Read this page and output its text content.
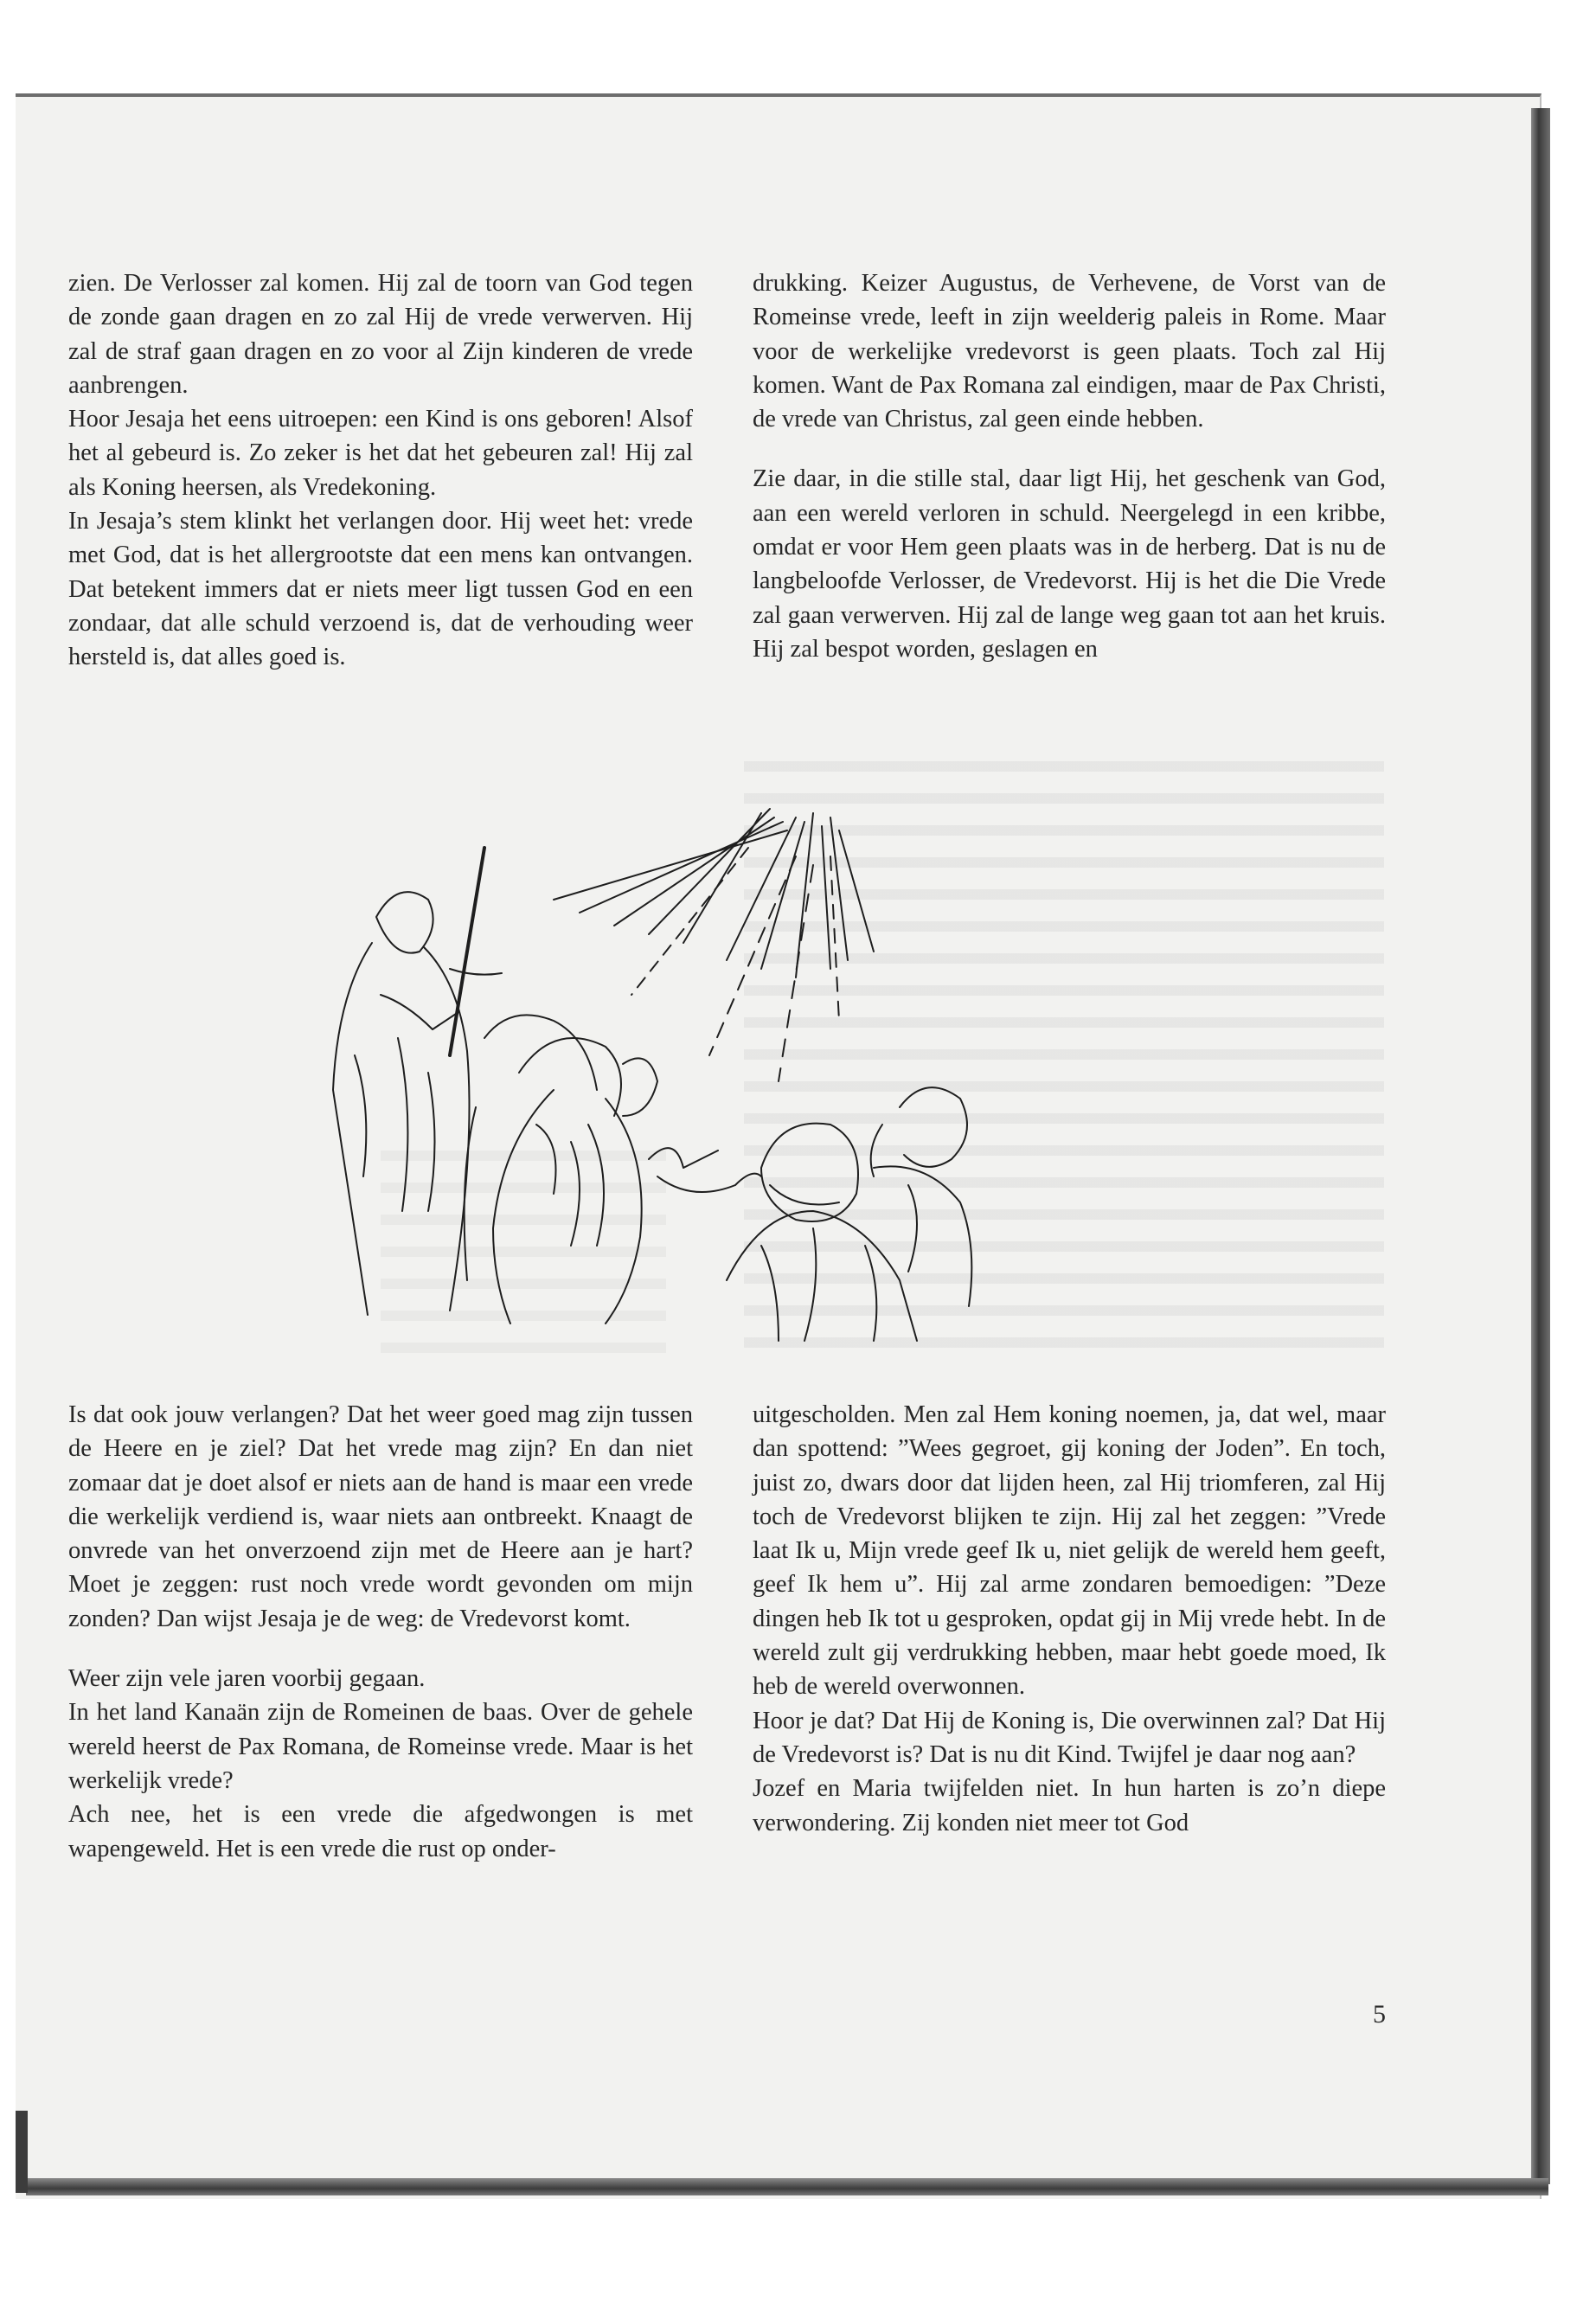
zien. De Verlosser zal komen. Hij zal de toorn van God tegen de zonde gaan dragen en zo zal Hij de vrede verwerven. Hij zal de straf gaan dragen en zo voor al Zijn kinderen de vrede aanbrengen.

Hoor Jesaja het eens uitroepen: een Kind is ons geboren! Alsof het al gebeurd is. Zo zeker is het dat het gebeuren zal! Hij zal als Koning heersen, als Vredekoning.

In Jesaja’s stem klinkt het verlangen door. Hij weet het: vrede met God, dat is het allergrootste dat een mens kan ontvangen. Dat betekent immers dat er niets meer ligt tussen God en een zondaar, dat alle schuld verzoend is, dat de verhouding weer hersteld is, dat alles goed is.

drukking. Keizer Augustus, de Verhevene, de Vorst van de Romeinse vrede, leeft in zijn weelderig paleis in Rome. Maar voor de werkelijke vredevorst is geen plaats. Toch zal Hij komen. Want de Pax Romana zal eindigen, maar de Pax Christi, de vrede van Christus, zal geen einde hebben.

Zie daar, in die stille stal, daar ligt Hij, het geschenk van God, aan een wereld verloren in schuld. Neergelegd in een kribbe, omdat er voor Hem geen plaats was in de herberg. Dat is nu de langbeloofde Verlosser, de Vredevorst. Hij is het die Die Vrede zal gaan verwerven. Hij zal de lange weg gaan tot aan het kruis. Hij zal bespot worden, geslagen en

Is dat ook jouw verlangen? Dat het weer goed mag zijn tussen de Heere en je ziel? Dat het vrede mag zijn? En dan niet zomaar dat je doet alsof er niets aan de hand is maar een vrede die werkelijk verdiend is, waar niets aan ontbreekt. Knaagt de onvrede van het onverzoend zijn met de Heere aan je hart? Moet je zeggen: rust noch vrede wordt gevonden om mijn zonden? Dan wijst Jesaja je de weg: de Vredevorst komt.

Weer zijn vele jaren voorbij gegaan.

In het land Kanaän zijn de Romeinen de baas. Over de gehele wereld heerst de Pax Romana, de Romeinse vrede. Maar is het werkelijk vrede?

Ach nee, het is een vrede die afgedwongen is met wapengeweld. Het is een vrede die rust op onder-

uitgescholden. Men zal Hem koning noemen, ja, dat wel, maar dan spottend: ”Wees gegroet, gij koning der Joden”. En toch, juist zo, dwars door dat lijden heen, zal Hij triomferen, zal Hij toch de Vredevorst blijken te zijn. Hij zal het zeggen: ”Vrede laat Ik u, Mijn vrede geef Ik u, niet gelijk de wereld hem geeft, geef Ik hem u”. Hij zal arme zondaren bemoedigen: ”Deze dingen heb Ik tot u gesproken, opdat gij in Mij vrede hebt. In de wereld zult gij verdrukking hebben, maar hebt goede moed, Ik heb de wereld overwonnen.

Hoor je dat? Dat Hij de Koning is, Die overwinnen zal? Dat Hij de Vredevorst is? Dat is nu dit Kind. Twijfel je daar nog aan?

Jozef en Maria twijfelden niet. In hun harten is zo’n diepe verwondering. Zij konden niet meer tot God

5
